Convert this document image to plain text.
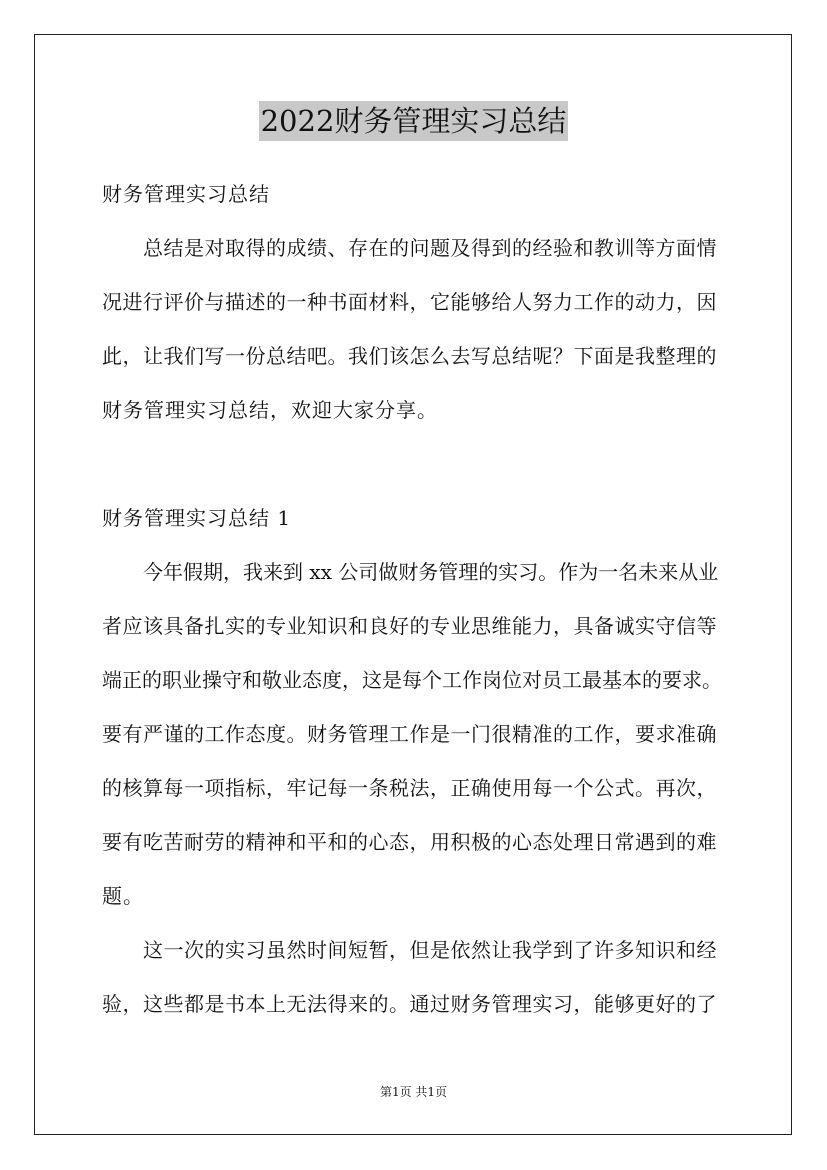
2022财务管理实习总结
财务管理实习总结
总结是对取得的成绩、存在的问题及得到的经验和教训等方面情
况进行评价与描述的一种书面材料，它能够给人努力工作的动力，因
此，让我们写一份总结吧。我们该怎么去写总结呢？下面是我整理的
财务管理实习总结，欢迎大家分享。
财务管理实习总结 1
今年假期，我来到 xx 公司做财务管理的实习。作为一名未来从业
者应该具备扎实的专业知识和良好的专业思维能力，具备诚实守信等
端正的职业操守和敬业态度，这是每个工作岗位对员工最基本的要求。
要有严谨的工作态度。财务管理工作是一门很精准的工作，要求准确
的核算每一项指标，牢记每一条税法，正确使用每一个公式。再次，
要有吃苦耐劳的精神和平和的心态，用积极的心态处理日常遇到的难
题。
这一次的实习虽然时间短暂，但是依然让我学到了许多知识和经
验，这些都是书本上无法得来的。通过财务管理实习，能够更好的了
第1页 共1页
